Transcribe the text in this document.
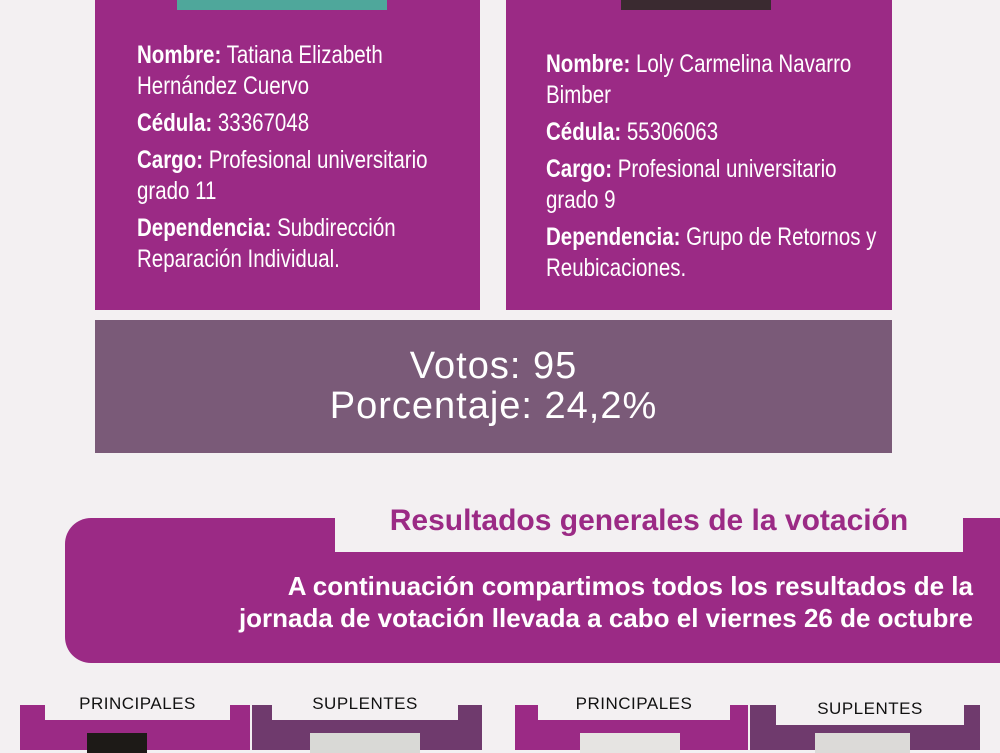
Nombre: Tatiana Elizabeth Hernández Cuervo

Cédula: 33367048

Cargo: Profesional universitario grado 11

Dependencia: Subdirección Reparación Individual.

Nombre: Loly Carmelina Navarro Bimber

Cédula: 55306063

Cargo: Profesional universitario grado 9

Dependencia: Grupo de Retornos y Reubicaciones.

Votos: 95
Porcentaje: 24,2%
Resultados generales de la votación
A continuación compartimos todos los resultados de la
jornada de votación llevada a cabo el viernes 26 de octubre
PRINCIPALES	SUPLENTES	PRINCIPALES	SUPLENTES
